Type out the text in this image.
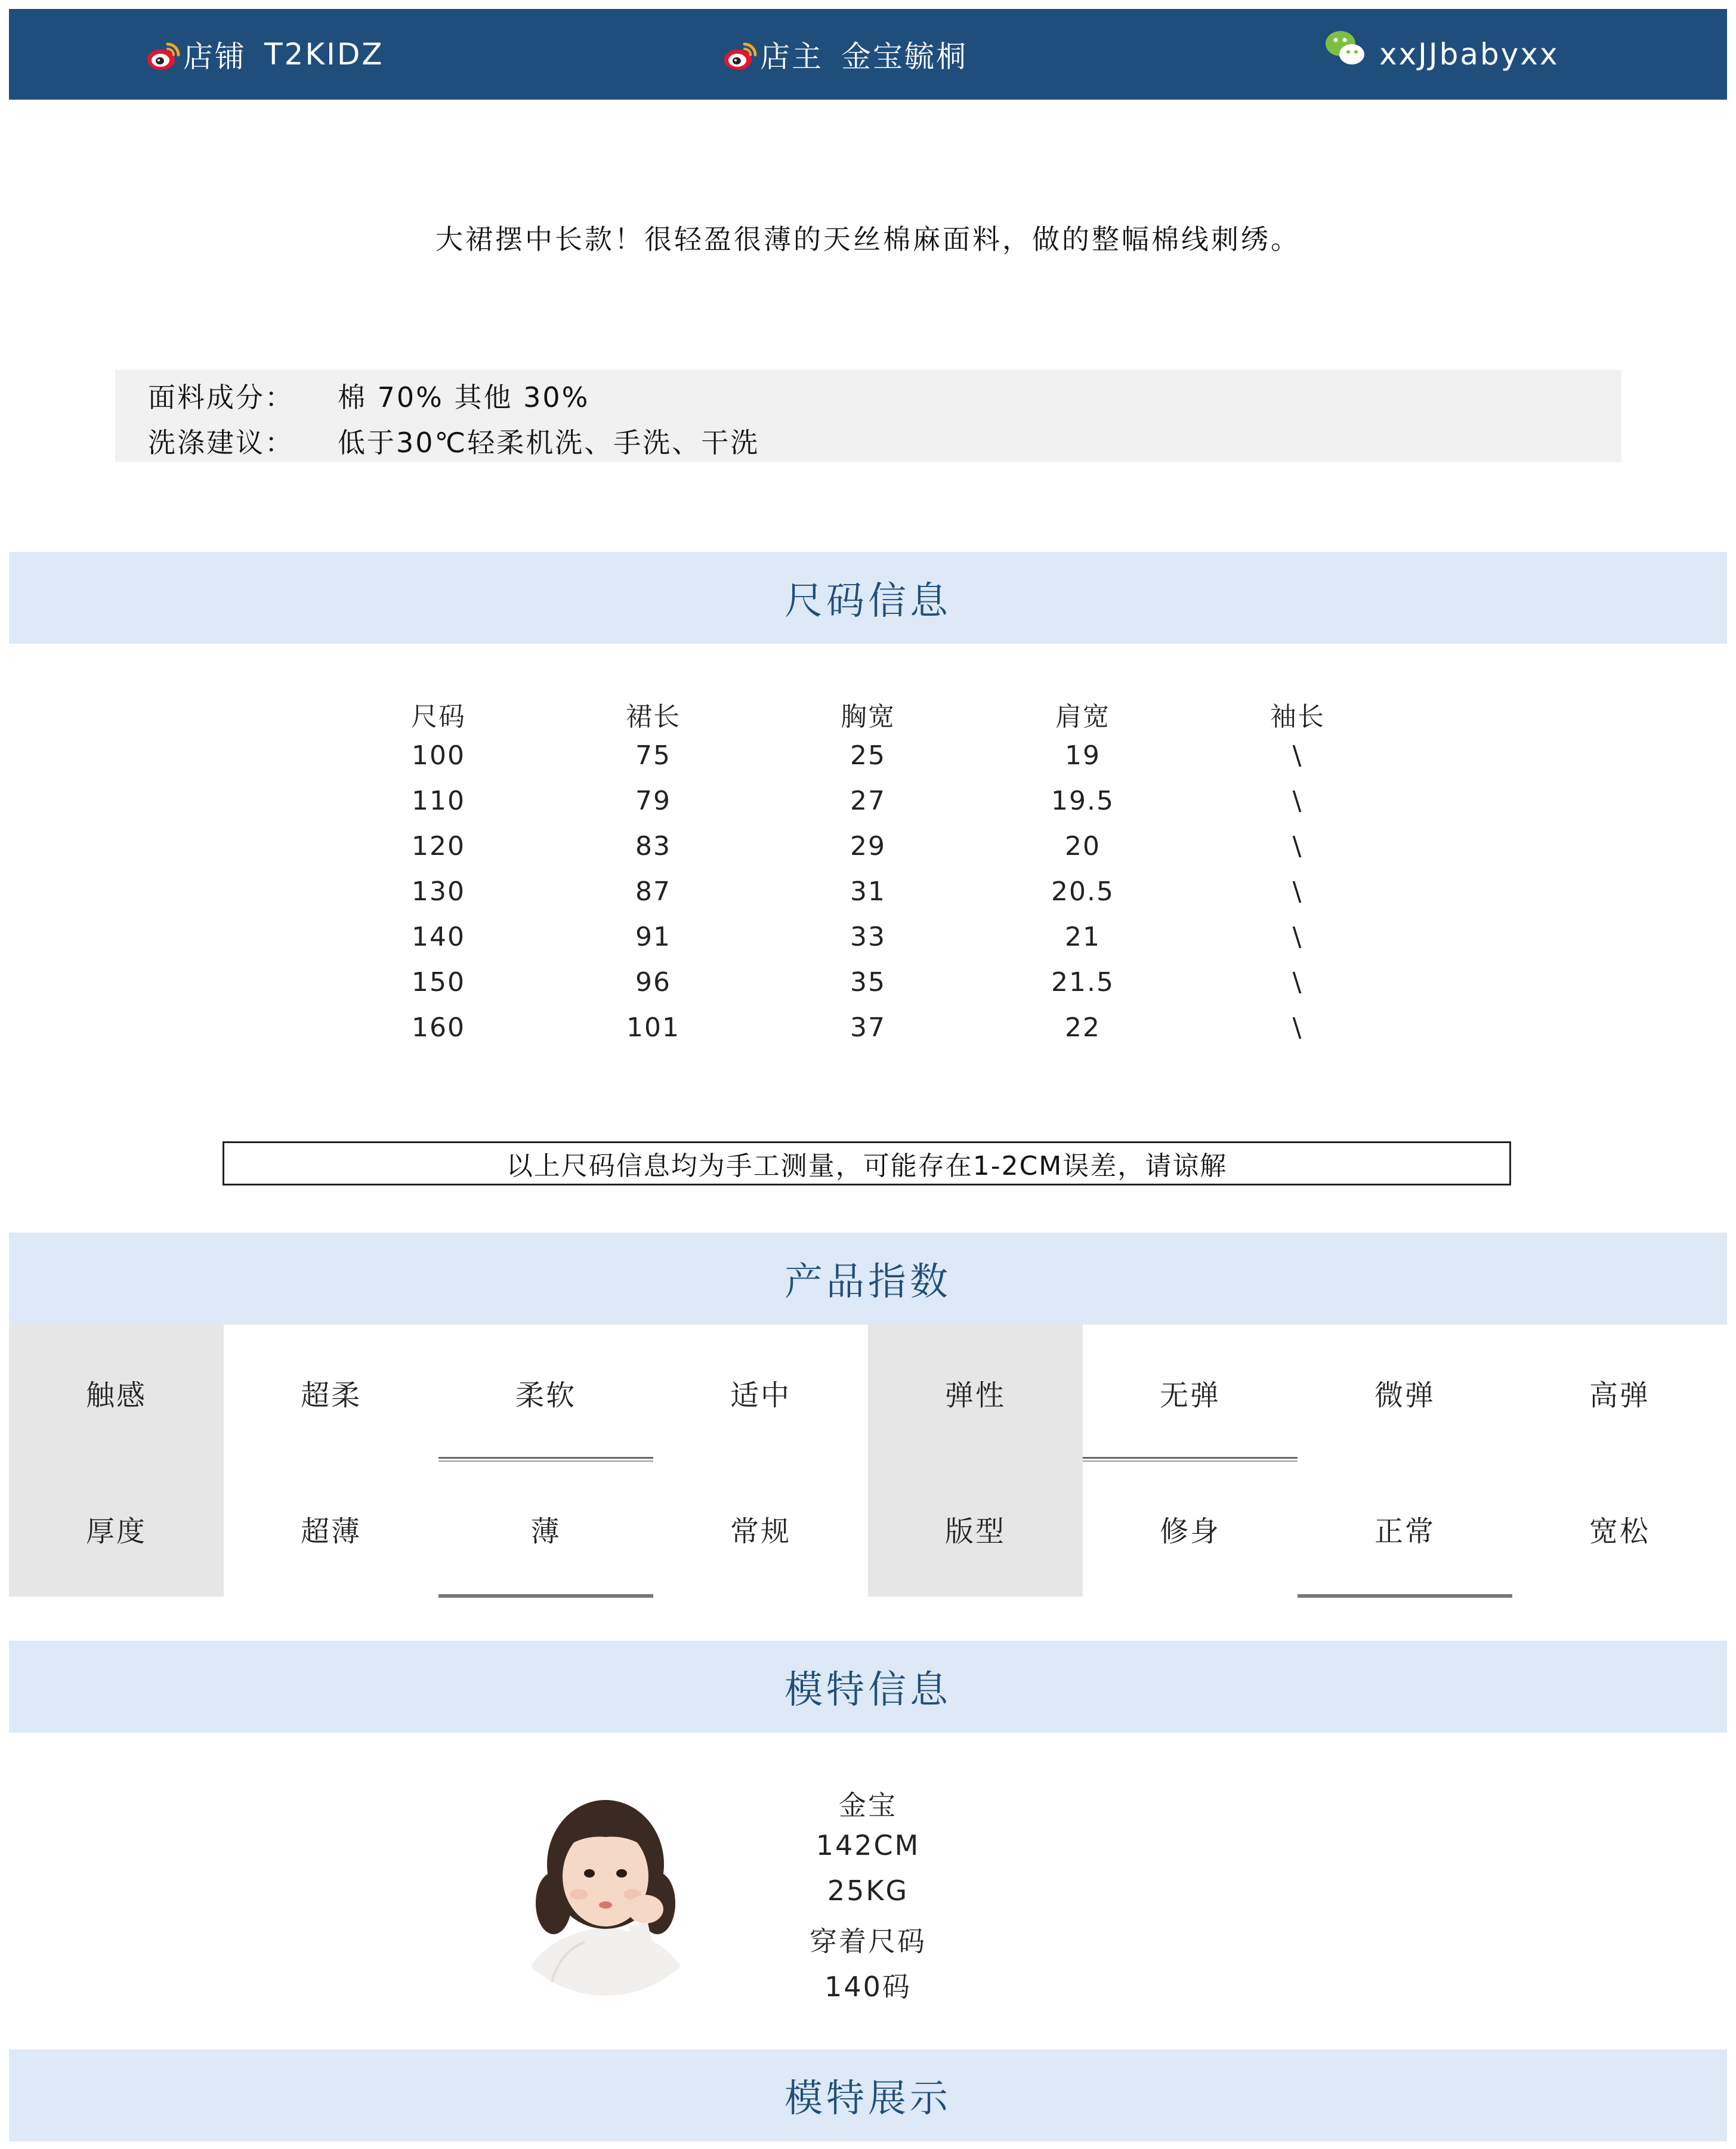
店铺 T2KIDZ	店主 金宝毓桐	xxJJbabyxx
大裙摆中长款！很轻盈很薄的天丝棉麻面料，做的整幅棉线刺绣。
面料成分： 棉 70% 其他 30%
洗涤建议： 低于30℃轻柔机洗、手洗、干洗
尺码信息
尺码	裙长	胸宽	肩宽	袖长
100	75	25	19	\
110	79	27	19.5	\
120	83	29	20	\
130	87	31	20.5	\
140	91	33	21	\
150	96	35	21.5	\
160	101	37	22	\
以上尺码信息均为手工测量，可能存在1-2CM误差，请谅解
产品指数
触感	超柔	柔软	适中	弹性	无弹	微弹	高弹
厚度	超薄	薄	常规	版型	修身	正常	宽松
模特信息
金宝
142CM
25KG
穿着尺码
140码
模特展示
